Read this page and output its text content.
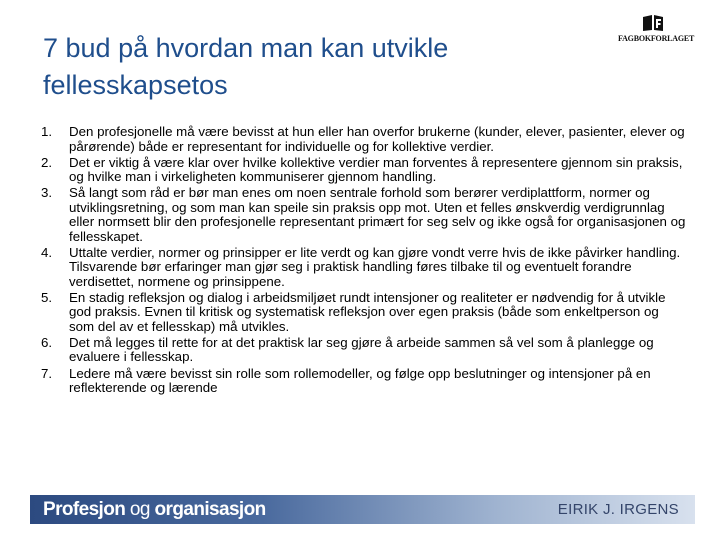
7 bud på hvordan man kan utvikle fellesskapsetos
FAGBOKFORLAGET
1. Den profesjonelle må være bevisst at hun eller han overfor brukerne (kunder, elever, pasienter, elever og pårørende) både er representant for individuelle og for kollektive verdier.
2. Det er viktig å være klar over hvilke kollektive verdier man forventes å representere gjennom sin praksis, og hvilke man i virkeligheten kommuniserer gjennom handling.
3. Så langt som råd er bør man enes om noen sentrale forhold som berører verdiplattform, normer og utviklingsretning, og som man kan speile sin praksis opp mot. Uten et felles ønskverdig verdigrunnlag eller normsett blir den profesjonelle representant primært for seg selv og ikke også for organisasjonen og fellesskapet.
4. Uttalte verdier, normer og prinsipper er lite verdt og kan gjøre vondt verre hvis de ikke påvirker handling. Tilsvarende bør erfaringer man gjør seg i praktisk handling føres tilbake til og eventuelt forandre verdisettet, normene og prinsippene.
5. En stadig refleksjon og dialog i arbeidsmiljøet rundt intensjoner og realiteter er nødvendig for å utvikle god praksis. Evnen til kritisk og systematisk refleksjon over egen praksis (både som enkeltperson og som del av et fellesskap) må utvikles.
6. Det må legges til rette for at det praktisk lar seg gjøre å arbeide sammen så vel som å planlegge og evaluere i fellesskap.
7. Ledere må være bevisst sin rolle som rollemodeller, og følge opp beslutninger og intensjoner på en reflekterende og lærende
Profesjon og organisasjon	EIRIK J. IRGENS
